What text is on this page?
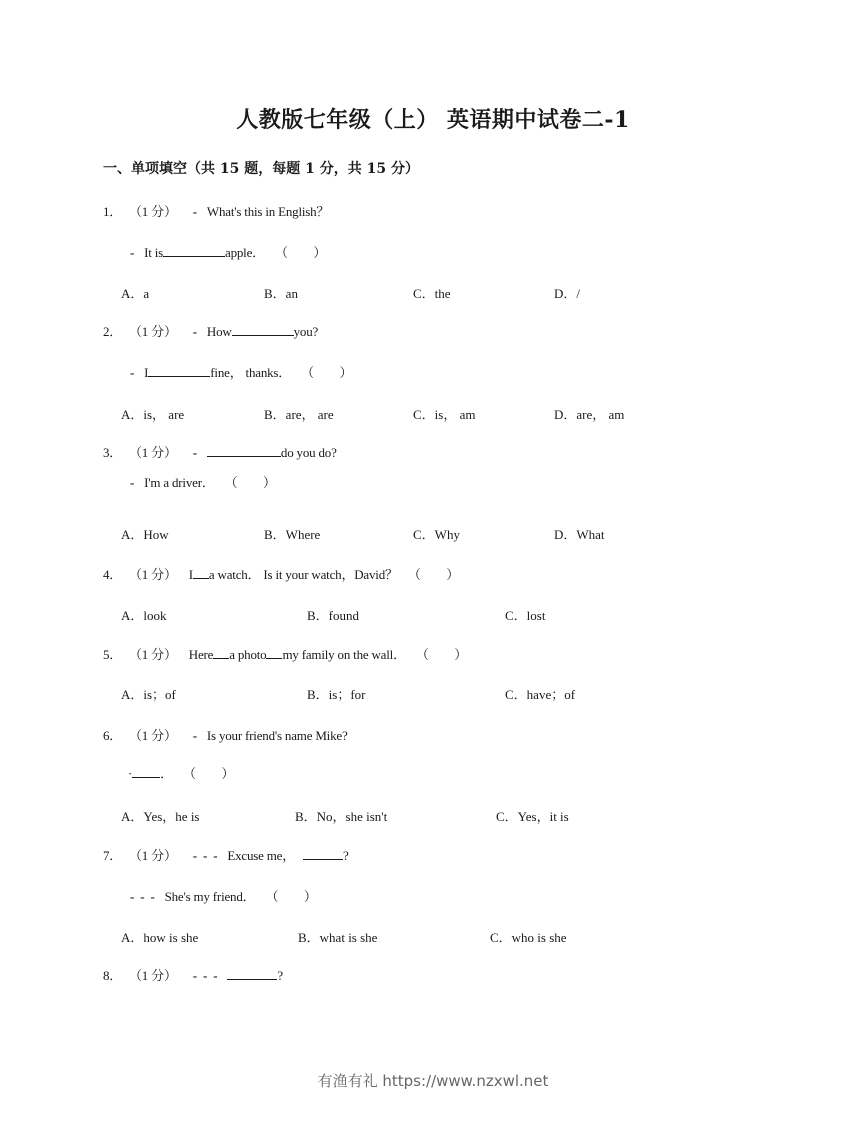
人教版七年级（上） 英语期中试卷二-1
一、单项填空（共 15 题，每题 1 分，共 15 分）
1． （1 分） - What's this in English？
- It is	apple． （　　）
A．a	B．an	C．the	D．/
2． （1 分） - How	you?
- I	fine， thanks． （　　）
A．is， are	B．are， are	C．is， am	D．are， am
3． （1 分） -	do you do?
- I'm a driver． （　　）
A．How	B．Where	C．Why	D．What
4． （1 分） I a watch． Is it your watch，David？ （　　）
A．look	B．found	C．lost
5． （1 分） Here a photo my family on the wall． （　　）
A．is；of	B．is；for	C．have；of
6． （1 分） - Is your friend's name Mike?
· ． （　　）
A．Yes，he is	B．No，she isn't	C．Yes，it is
7． （1 分） -  -  - Excuse me，	?
-  -  - She's my friend． （　　）
A．how is she	B．what is she	C．who is she
8． （1 分） -  -  -	?
有渔有礼 https://www.nzxwl.net
